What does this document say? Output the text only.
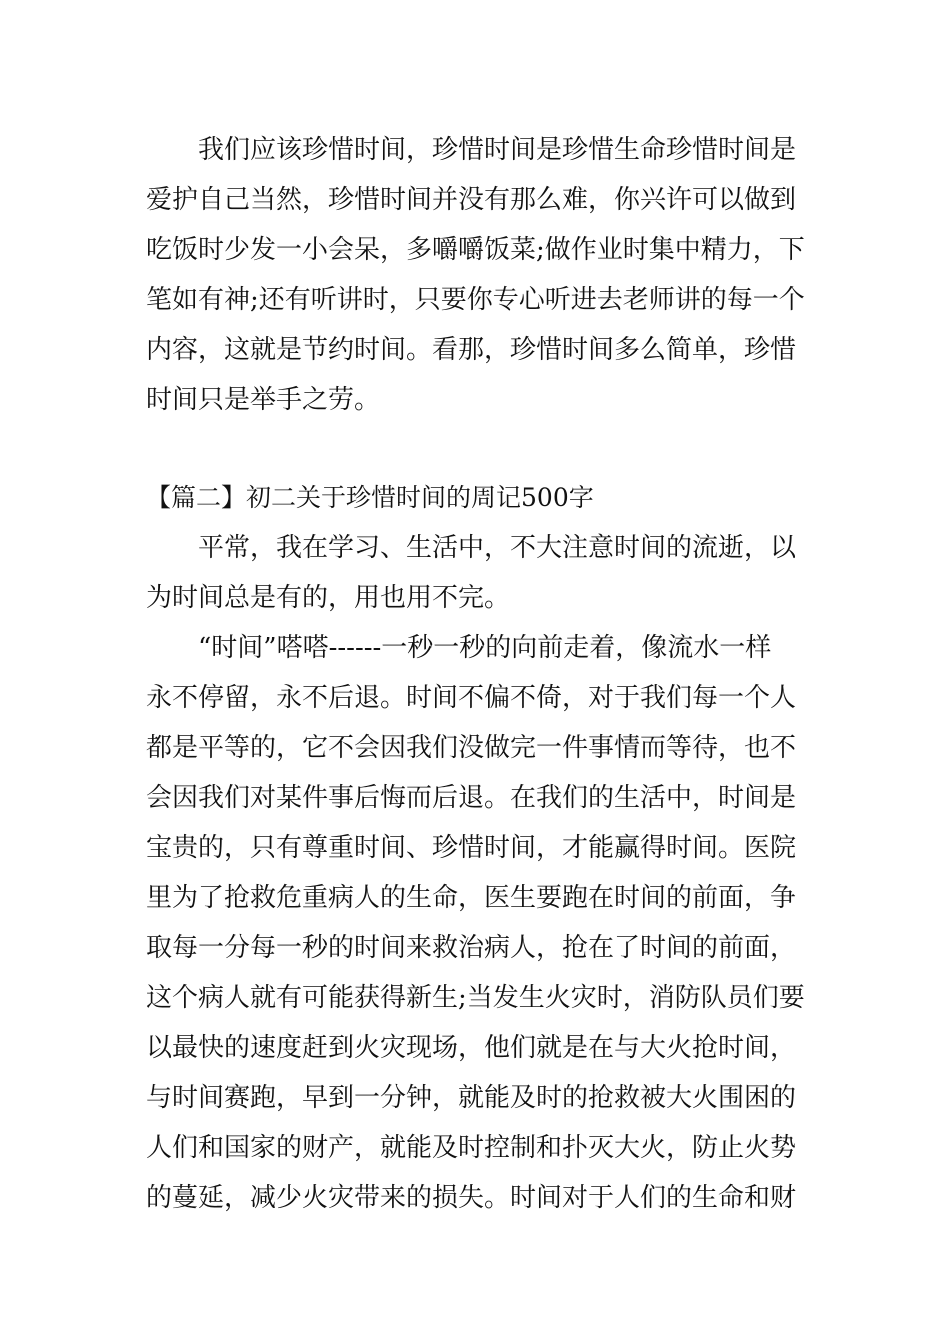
我们应该珍惜时间，珍惜时间是珍惜生命珍惜时间是
爱护自己当然，珍惜时间并没有那么难，你兴许可以做到
吃饭时少发一小会呆，多嚼嚼饭菜;做作业时集中精力，下
笔如有神;还有听讲时，只要你专心听进去老师讲的每一个
内容，这就是节约时间。看那，珍惜时间多么简单，珍惜
时间只是举手之劳。
【篇二】初二关于珍惜时间的周记500字
平常，我在学习、生活中，不大注意时间的流逝，以
为时间总是有的，用也用不完。
“时间”嗒嗒------一秒一秒的向前走着，像流水一样
永不停留，永不后退。时间不偏不倚，对于我们每一个人
都是平等的，它不会因我们没做完一件事情而等待，也不
会因我们对某件事后悔而后退。在我们的生活中，时间是
宝贵的，只有尊重时间、珍惜时间，才能赢得时间。医院
里为了抢救危重病人的生命，医生要跑在时间的前面，争
取每一分每一秒的时间来救治病人，抢在了时间的前面，
这个病人就有可能获得新生;当发生火灾时，消防队员们要
以最快的速度赶到火灾现场，他们就是在与大火抢时间，
与时间赛跑，早到一分钟，就能及时的抢救被大火围困的
人们和国家的财产，就能及时控制和扑灭大火，防止火势
的蔓延，减少火灾带来的损失。时间对于人们的生命和财
